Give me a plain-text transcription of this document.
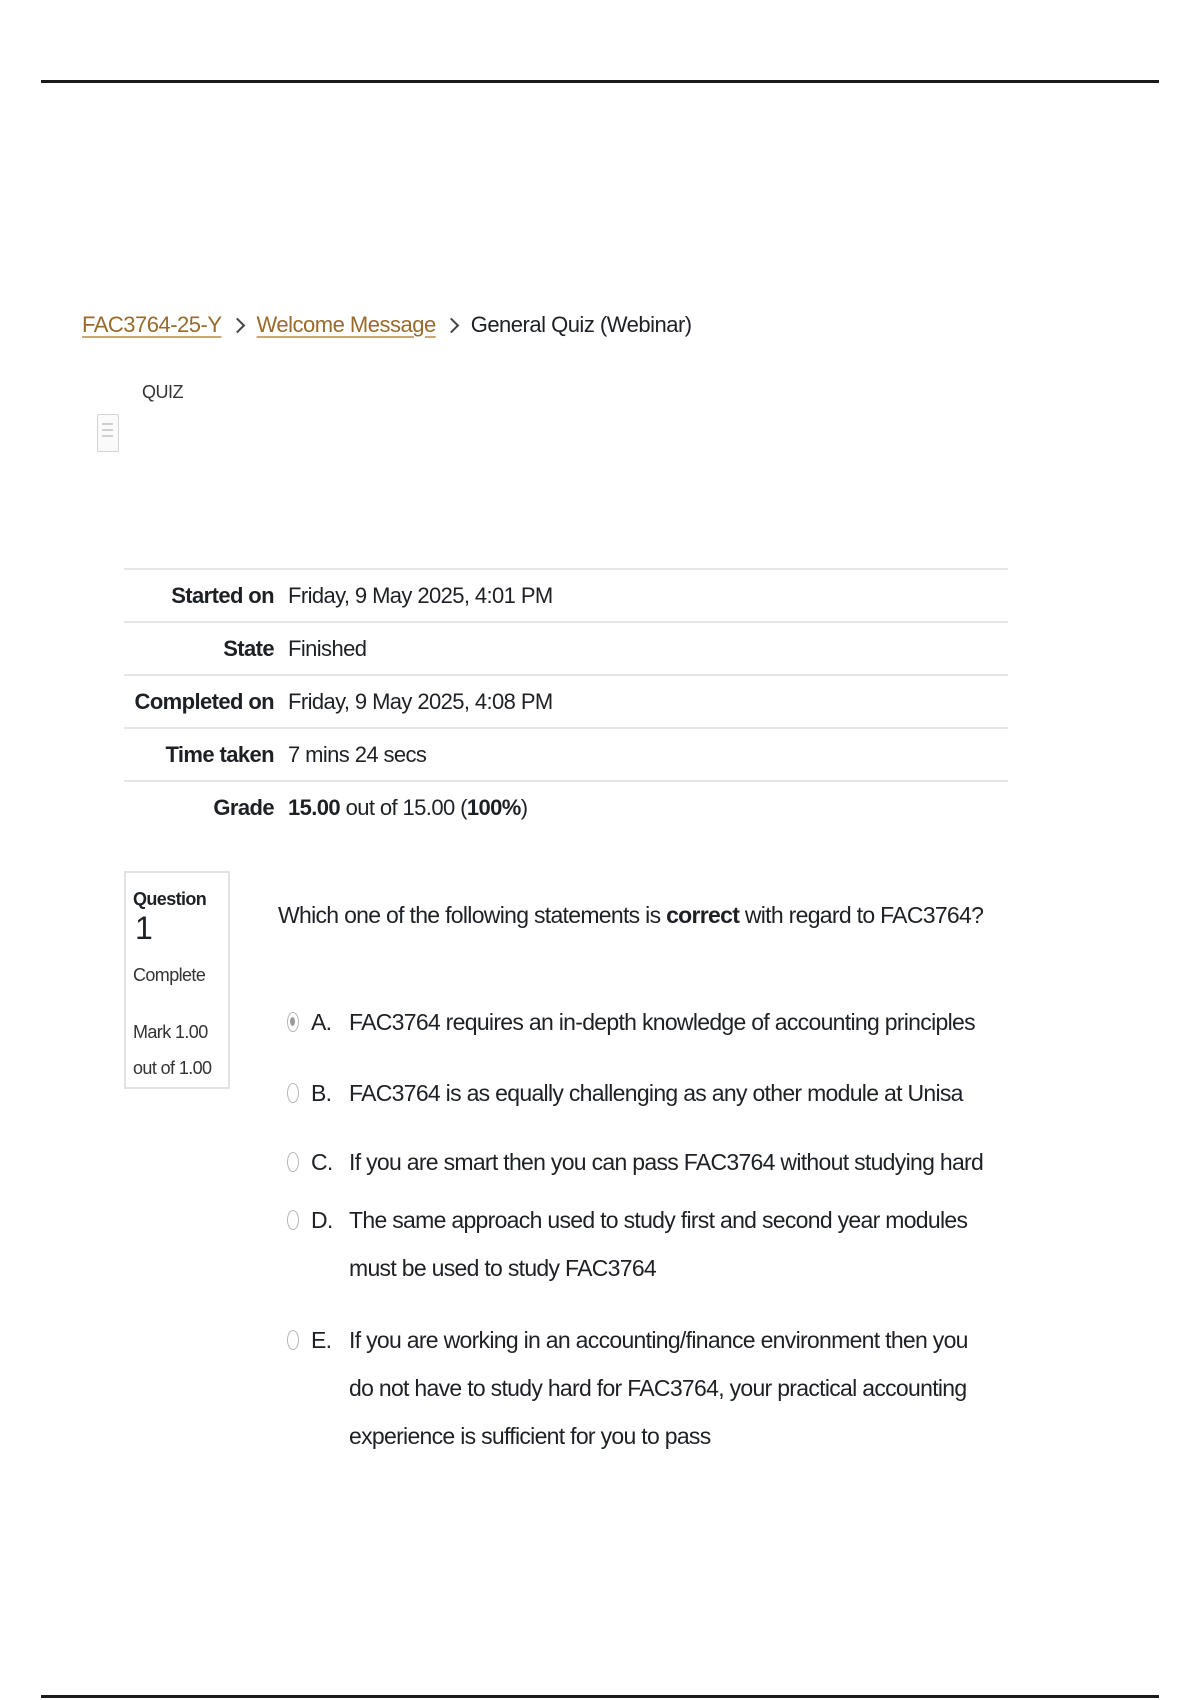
FAC3764-25-Y Welcome Message General Quiz (Webinar)
QUIZ
Started on	Friday, 9 May 2025, 4:01 PM
State	Finished
Completed on	Friday, 9 May 2025, 4:08 PM
Time taken	7 mins 24 secs
Grade	15.00 out of 15.00 (100%)
Question 1
Complete
Mark 1.00 out of 1.00
Which one of the following statements is correct with regard to FAC3764?
A. FAC3764 requires an in-depth knowledge of accounting principles
B. FAC3764 is as equally challenging as any other module at Unisa
C. If you are smart then you can pass FAC3764 without studying hard
D. The same approach used to study first and second year modules must be used to study FAC3764
E. If you are working in an accounting/finance environment then you do not have to study hard for FAC3764, your practical accounting experience is sufficient for you to pass
